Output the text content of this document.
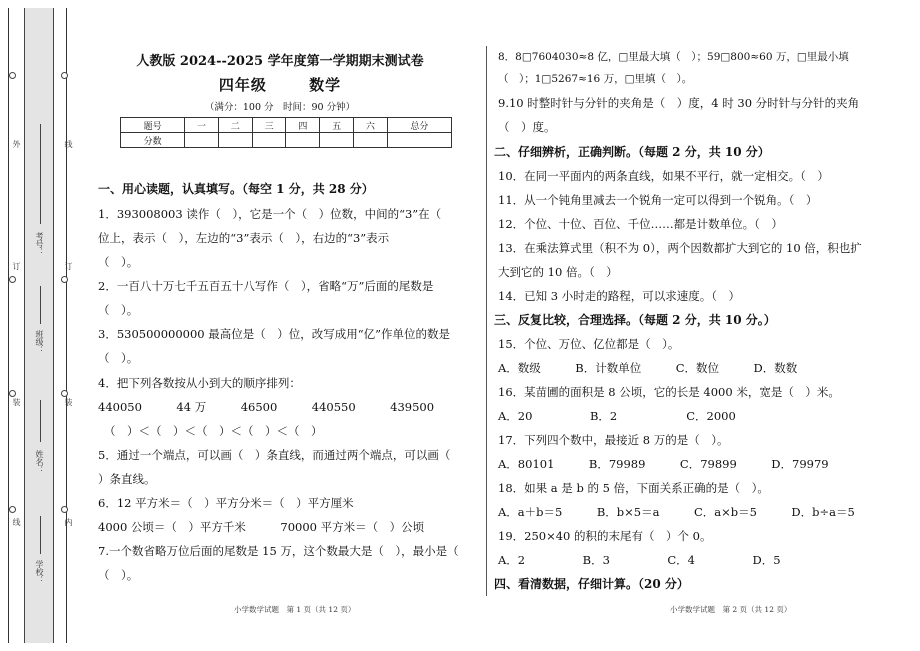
外
订
装
线
线
订
装
内
考号：
班级：
姓名：
学校：
人教版 2024--2025 学年度第一学期期末测试卷
四年级	数学
（满分：100 分　时间：90 分钟）
题号	一	二	三	四	五	六	总分
分数							
一、用心读题，认真填写。（每空 1 分，共 28 分）
1．393008003 读作（　），它是一个（　）位数，中间的“3”在（
位上，表示（　），左边的“3”表示（　），右边的“3”表示
（　）。
2．一百八十万七千五百五十八写作（　），省略“万”后面的尾数是
（　）。
3．530500000000 最高位是（　）位，改写成用“亿”作单位的数是
（　）。
4．把下列各数按从小到大的顺序排列：
440050　　　44 万　　　46500　　　440550　　　439500
（　）＜（　）＜（　）＜（　）＜（　）
5．通过一个端点，可以画（　）条直线，而通过两个端点，可以画（
）条直线。
6．12 平方米＝（　）平方分米＝（　）平方厘米
4000 公顷＝（　）平方千米　　　70000 平方米＝（　）公顷
7.一个数省略万位后面的尾数是 15 万，这个数最大是（　），最小是（
（　）。
小学数学试题　第 1 页（共 12 页）
8．8□7604030≈8 亿，□里最大填（　）；59□800≈60 万，□里最小填
（　）；1□5267≈16 万，□里填（　）。
9.10 时整时针与分针的夹角是（　）度，4 时 30 分时针与分针的夹角
（　）度。
二、仔细辨析，正确判断。（每题 2 分，共 10 分）
10．在同一平面内的两条直线，如果不平行，就一定相交。（　）
11．从一个钝角里减去一个锐角一定可以得到一个锐角。（　）
12．个位、十位、百位、千位……都是计数单位。（　）
13．在乘法算式里（积不为 0），两个因数都扩大到它的 10 倍，积也扩
大到它的 10 倍。（　）
14．已知 3 小时走的路程，可以求速度。（　）
三、反复比较，合理选择。（每题 2 分，共 10 分。）
15．个位、万位、亿位都是（　）。
A．数级　　　B．计数单位　　　C．数位　　　D．数数
16．某苗圃的面积是 8 公顷，它的长是 4000 米，宽是（　）米。
A．20　　　　　B．2　　　　　　C．2000
17．下列四个数中，最接近 8 万的是（　）。
A．80101　　　B．79989　　　C．79899　　　D．79979
18．如果 a 是 b 的 5 倍，下面关系正确的是（　）。
A．a＋b＝5　　　B．b×5＝a　　　C．a×b＝5　　　D．b÷a＝5
19．250×40 的积的末尾有（　）个 0。
A．2　　　　　B．3　　　　　C．4　　　　　D．5
四、看清数据，仔细计算。（20 分）
小学数学试题　第 2 页（共 12 页）
